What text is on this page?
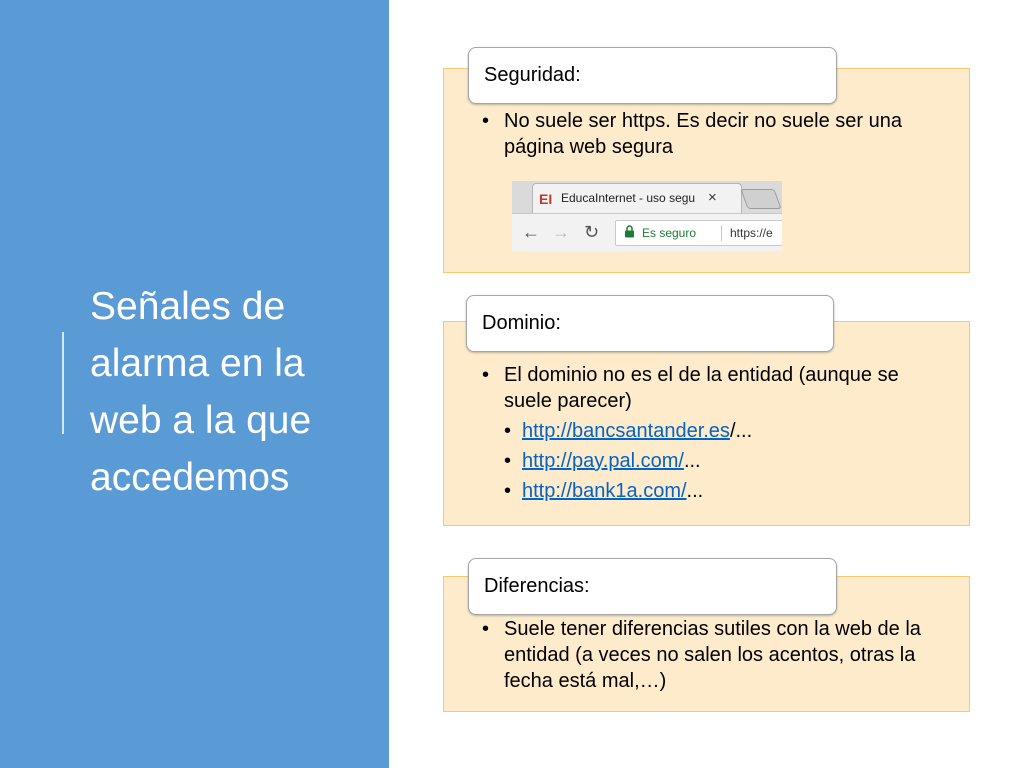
Señales de alarma en la web a la que accedemos
Seguridad:
• No suele ser https. Es decir no suele ser una página web segura
EI EducaInternet - uso segu ×
← → ↻	Es seguro	https://e
Dominio:
• El dominio no es el de la entidad (aunque se suele parecer)
• http://bancsantander.es/...
• http://pay.pal.com/...
• http://bank1a.com/...
Diferencias:
• Suele tener diferencias sutiles con la web de la entidad (a veces no salen los acentos, otras la fecha está mal,…)
